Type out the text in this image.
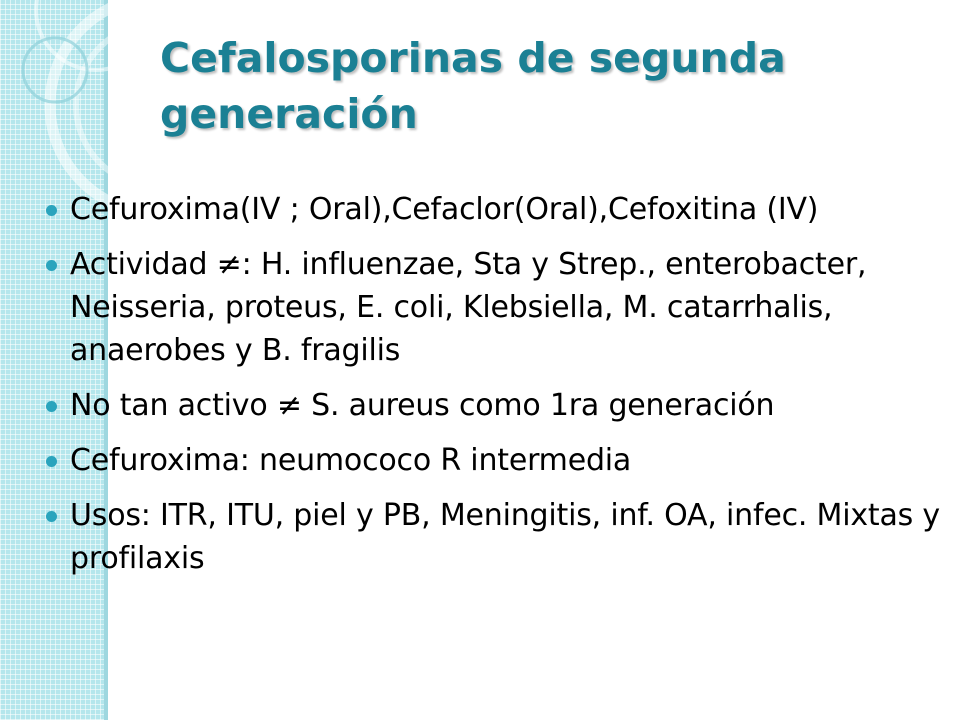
Cefalosporinas de segunda generación
Cefuroxima(IV ; Oral),Cefaclor(Oral),Cefoxitina (IV)
Actividad ≠: H. influenzae, Sta y Strep., enterobacter, Neisseria, proteus, E. coli, Klebsiella, M. catarrhalis, anaerobes y B. fragilis
No tan activo ≠ S. aureus como 1ra generación
Cefuroxima: neumococo R intermedia
Usos: ITR, ITU, piel y PB, Meningitis, inf. OA, infec. Mixtas y profilaxis
